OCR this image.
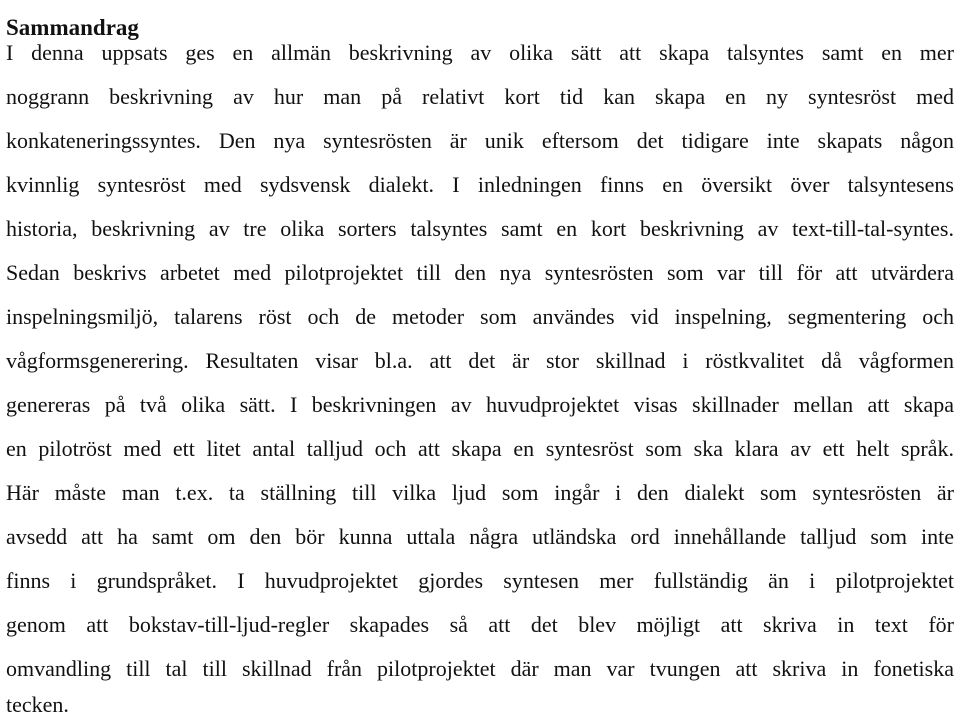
Sammandrag
I denna uppsats ges en allmän beskrivning av olika sätt att skapa talsyntes samt en mer
noggrann beskrivning av hur man på relativt kort tid kan skapa en ny syntesröst med
konkateneringssyntes. Den nya syntesrösten är unik eftersom det tidigare inte skapats någon
kvinnlig syntesröst med sydsvensk dialekt. I inledningen finns en översikt över talsyntesens
historia, beskrivning av tre olika sorters talsyntes samt en kort beskrivning av text-till-tal-syntes.
Sedan beskrivs arbetet med pilotprojektet till den nya syntesrösten som var till för att utvärdera
inspelningsmiljö, talarens röst och de metoder som användes vid inspelning, segmentering och
vågformsgenerering. Resultaten visar bl.a. att det är stor skillnad i röstkvalitet då vågformen
genereras på två olika sätt. I beskrivningen av huvudprojektet visas skillnader mellan att skapa
en pilotröst med ett litet antal talljud och att skapa en syntesröst som ska klara av ett helt språk.
Här måste man t.ex. ta ställning till vilka ljud som ingår i den dialekt som syntesrösten är
avsedd att ha samt om den bör kunna uttala några utländska ord innehållande talljud som inte
finns i grundspråket. I huvudprojektet gjordes syntesen mer fullständig än i pilotprojektet
genom att bokstav-till-ljud-regler skapades så att det blev möjligt att skriva in text för
omvandling till tal till skillnad från pilotprojektet där man var tvungen att skriva in fonetiska
tecken.
